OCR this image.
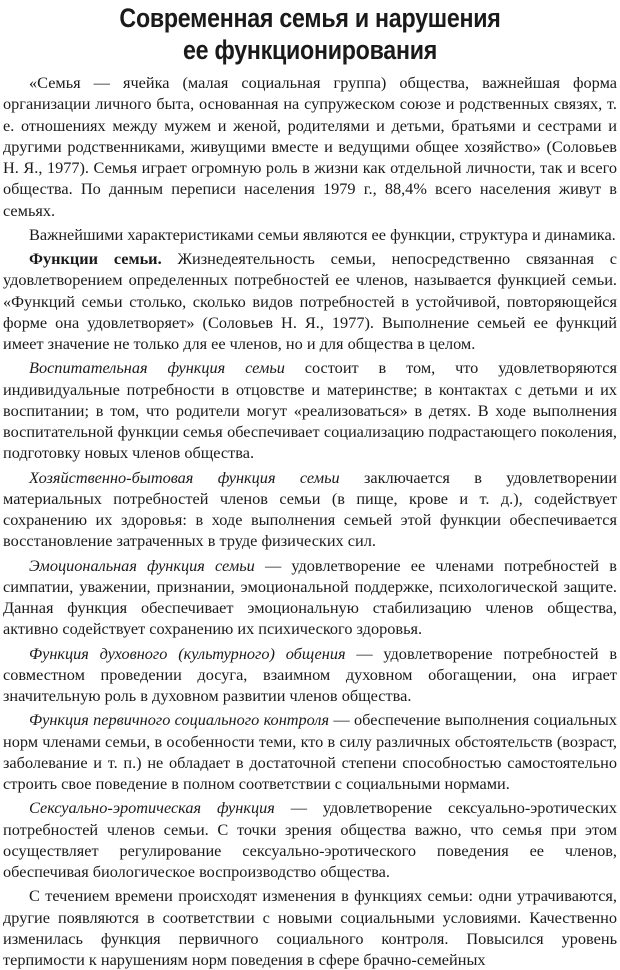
Современная семья и нарушения
ее функционирования

«Семья — ячейка (малая социальная группа) общества, важнейшая форма организации личного быта, основанная на супружеском союзе и родственных связях, т. е. отношениях между мужем и женой, родителями и детьми, братьями и сестрами и другими родственниками, живущими вместе и ведущими общее хозяйство» (Соловьев Н. Я., 1977). Семья играет огромную роль в жизни как отдельной личности, так и всего общества. По данным переписи населения 1979 г., 88,4% всего населения живут в семьях.

Важнейшими характеристиками семьи являются ее функции, структура и динамика.

Функции семьи. Жизнедеятельность семьи, непосредственно связанная с удовлетворением определенных потребностей ее членов, называется функцией семьи. «Функций семьи столько, сколько видов потребностей в устойчивой, повторяющейся форме она удовлетворяет» (Соловьев Н. Я., 1977). Выполнение семьей ее функций имеет значение не только для ее членов, но и для общества в целом.

Воспитательная функция семьи состоит в том, что удовлетворяются индивидуальные потребности в отцовстве и материнстве; в контактах с детьми и их воспитании; в том, что родители могут «реализоваться» в детях. В ходе выполнения воспитательной функции семья обеспечивает социализацию подрастающего поколения, подготовку новых членов общества.

Хозяйственно-бытовая функция семьи заключается в удовлетворении материальных потребностей членов семьи (в пище, крове и т. д.), содействует сохранению их здоровья: в ходе выполнения семьей этой функции обеспечивается восстановление затраченных в труде физических сил.

Эмоциональная функция семьи — удовлетворение ее членами потребностей в симпатии, уважении, признании, эмоциональной поддержке, психологической защите. Данная функция обеспечивает эмоциональную стабилизацию членов общества, активно содействует сохранению их психического здоровья.

Функция духовного (культурного) общения — удовлетворение потребностей в совместном проведении досуга, взаимном духовном обогащении, она играет значительную роль в духовном развитии членов общества.

Функция первичного социального контроля — обеспечение выполнения социальных норм членами семьи, в особенности теми, кто в силу различных обстоятельств (возраст, заболевание и т. п.) не обладает в достаточной степени способностью самостоятельно строить свое поведение в полном соответствии с социальными нормами.

Сексуально-эротическая функция — удовлетворение сексуально-эротических потребностей членов семьи. С точки зрения общества важно, что семья при этом осуществляет регулирование сексуально-эротического поведения ее членов, обеспечивая биологическое воспроизводство общества.

С течением времени происходят изменения в функциях семьи: одни утрачиваются, другие появляются в соответствии с новыми социальными условиями. Качественно изменилась функция первичного социального контроля. Повысился уровень терпимости к нарушениям норм поведения в сфере брачно-семейных
